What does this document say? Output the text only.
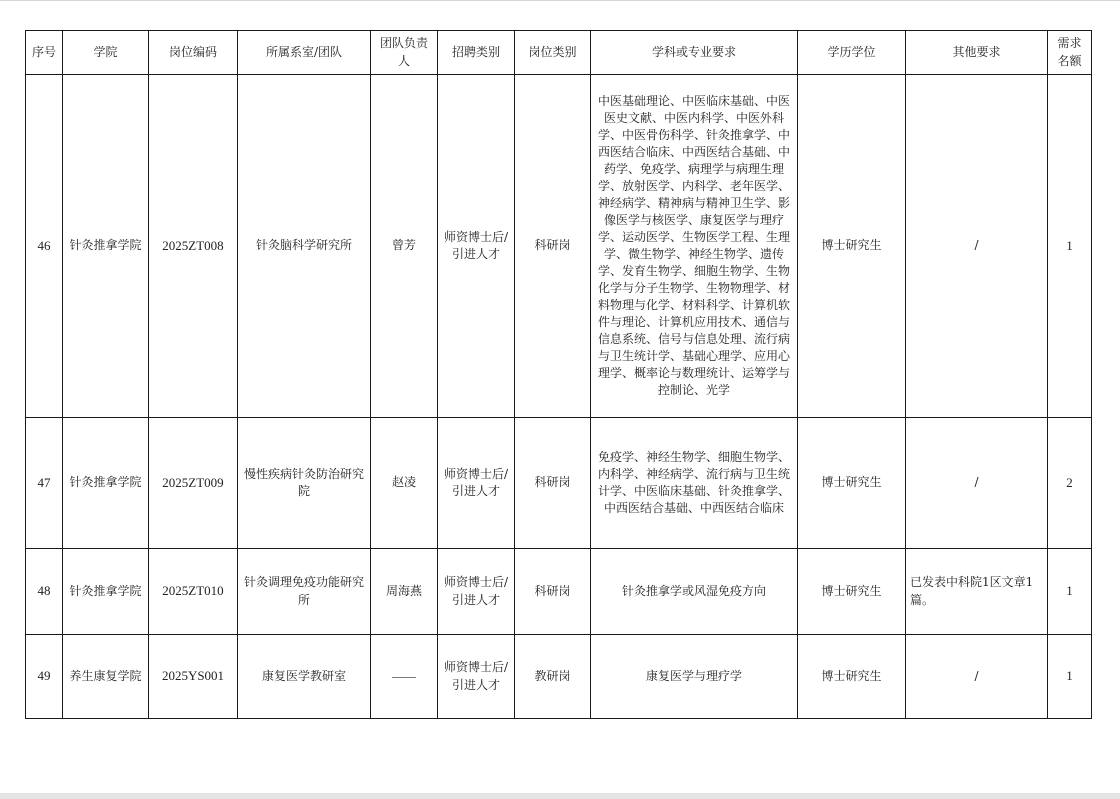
序号	学院	岗位编码	所属系室/团队	团队负责人	招聘类别	岗位类别	学科或专业要求	学历学位	其他要求	需求名额
46	针灸推拿学院	2025ZT008	针灸脑科学研究所	曾芳	师资博士后/引进人才	科研岗	中医基础理论、中医临床基础、中医医史文献、中医内科学、中医外科学、中医骨伤科学、针灸推拿学、中西医结合临床、中西医结合基础、中药学、免疫学、病理学与病理生理学、放射医学、内科学、老年医学、神经病学、精神病与精神卫生学、影像医学与核医学、康复医学与理疗学、运动医学、生物医学工程、生理学、微生物学、神经生物学、遗传学、发育生物学、细胞生物学、生物化学与分子生物学、生物物理学、材料物理与化学、材料科学、计算机软件与理论、计算机应用技术、通信与信息系统、信号与信息处理、流行病与卫生统计学、基础心理学、应用心理学、概率论与数理统计、运筹学与控制论、光学	博士研究生	/	1
47	针灸推拿学院	2025ZT009	慢性疾病针灸防治研究院	赵凌	师资博士后/引进人才	科研岗	免疫学、神经生物学、细胞生物学、内科学、神经病学、流行病与卫生统计学、中医临床基础、针灸推拿学、中西医结合基础、中西医结合临床	博士研究生	/	2
48	针灸推拿学院	2025ZT010	针灸调理免疫功能研究所	周海燕	师资博士后/引进人才	科研岗	针灸推拿学或风湿免疫方向	博士研究生	已发表中科院1区文章1篇。	1
49	养生康复学院	2025YS001	康复医学教研室	——	师资博士后/引进人才	教研岗	康复医学与理疗学	博士研究生	/	1
